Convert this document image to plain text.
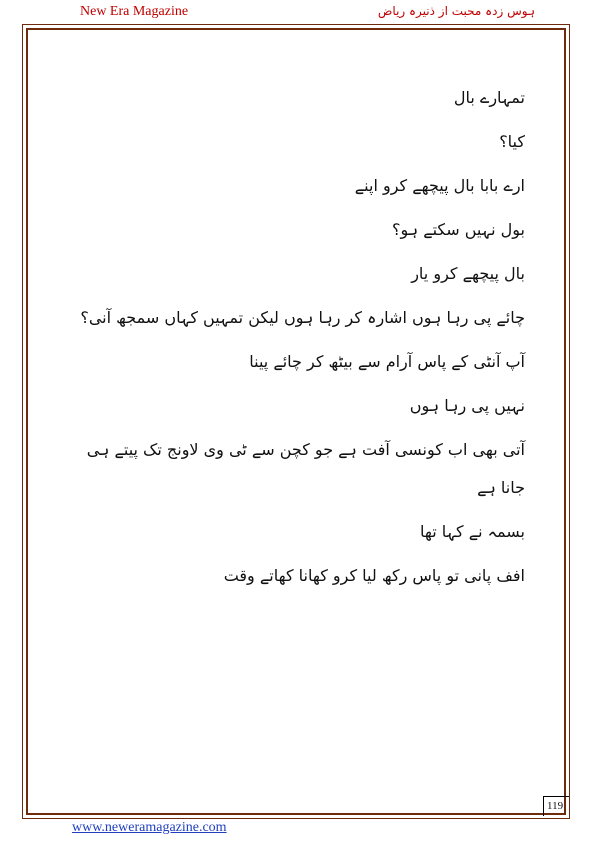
New Era Magazine	ہوس زدہ محبت از ذنیرہ ریاض

تمہارے بال

کیا؟

ارے بابا بال پیچھے کرو اپنے

بول نہیں سکتے ہو؟

بال پیچھے کرو یار

چائے پی رہا ہوں اشارہ کر رہا ہوں لیکن تمہیں کہاں سمجھ آنی؟

آپ آنٹی کے پاس آرام سے بیٹھ کر چائے پینا

نہیں پی رہا ہوں

آتی بھی اب کونسی آفت ہے جو کچن سے ٹی وی لاونج تک پیتے ہی

جانا ہے

بسمہ نے کہا تھا

افف پانی تو پاس رکھ لیا کرو کھانا کھاتے وقت

119
www.neweramagazine.com
